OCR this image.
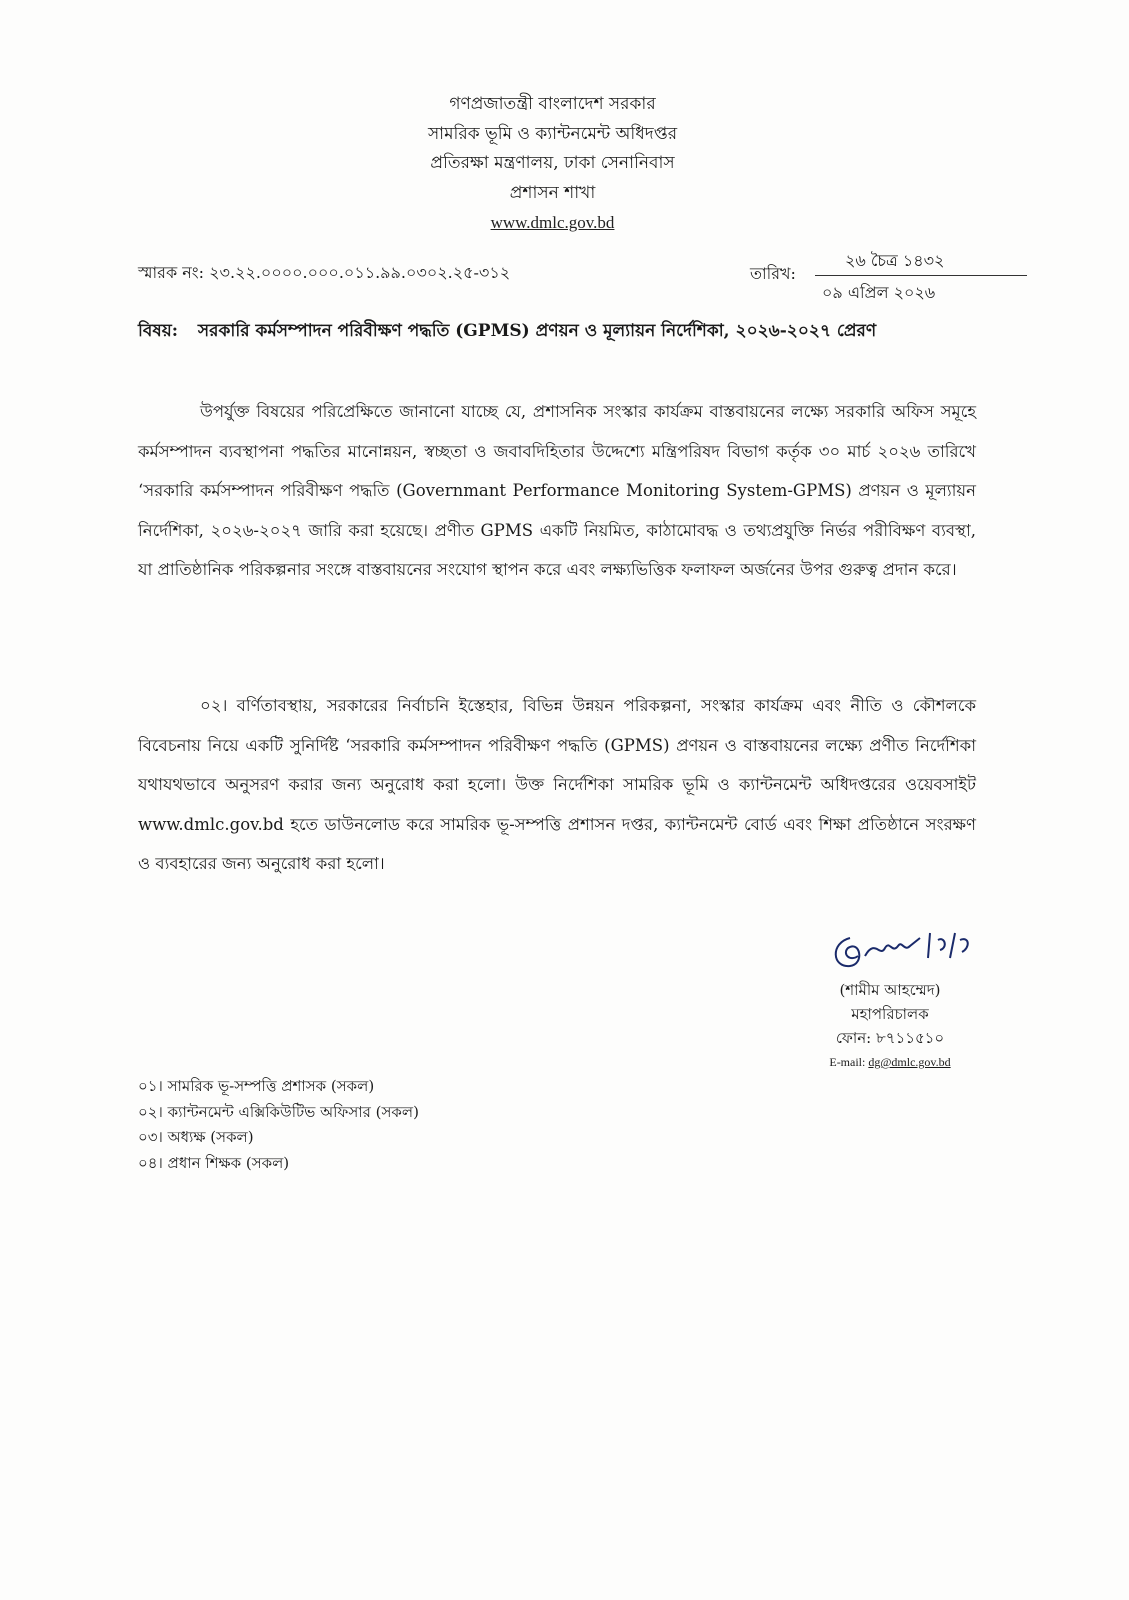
গণপ্রজাতন্ত্রী বাংলাদেশ সরকার
সামরিক ভূমি ও ক্যান্টনমেন্ট অধিদপ্তর
প্রতিরক্ষা মন্ত্রণালয়, ঢাকা সেনানিবাস
প্রশাসন শাখা
www.dmlc.gov.bd
স্মারক নং: ২৩.২২.০০০০.০০০.০১১.৯৯.০৩০২.২৫-৩১২	তারিখ:
২৬ চৈত্র ১৪৩২
০৯ এপ্রিল ২০২৬
বিষয়: সরকারি কর্মসম্পাদন পরিবীক্ষণ পদ্ধতি (GPMS) প্রণয়ন ও মূল্যায়ন নির্দেশিকা, ২০২৬-২০২৭ প্রেরণ

উপর্যুক্ত বিষয়ের পরিপ্রেক্ষিতে জানানো যাচ্ছে যে, প্রশাসনিক সংস্কার কার্যক্রম বাস্তবায়নের লক্ষ্যে সরকারি অফিস সমূহে কর্মসম্পাদন ব্যবস্থাপনা পদ্ধতির মানোন্নয়ন, স্বচ্ছতা ও জবাবদিহিতার উদ্দেশ্যে মন্ত্রিপরিষদ বিভাগ কর্তৃক ৩০ মার্চ ২০২৬ তারিখে ‘সরকারি কর্মসম্পাদন পরিবীক্ষণ পদ্ধতি (Governmant Performance Monitoring System-GPMS) প্রণয়ন ও মূল্যায়ন নির্দেশিকা, ২০২৬-২০২৭ জারি করা হয়েছে। প্রণীত GPMS একটি নিয়মিত, কাঠামোবদ্ধ ও তথ্যপ্রযুক্তি নির্ভর পরীবিক্ষণ ব্যবস্থা, যা প্রাতিষ্ঠানিক পরিকল্পনার সংঙ্গে বাস্তবায়নের সংযোগ স্থাপন করে এবং লক্ষ্যভিত্তিক ফলাফল অর্জনের উপর গুরুত্ব প্রদান করে।

০২। বর্ণিতাবস্থায়, সরকারের নির্বাচনি ইস্তেহার, বিভিন্ন উন্নয়ন পরিকল্পনা, সংস্কার কার্যক্রম এবং নীতি ও কৌশলকে বিবেচনায় নিয়ে একটি সুনির্দিষ্ট ‘সরকারি কর্মসম্পাদন পরিবীক্ষণ পদ্ধতি (GPMS) প্রণয়ন ও বাস্তবায়নের লক্ষ্যে প্রণীত নির্দেশিকা যথাযথভাবে অনুসরণ করার জন্য অনুরোধ করা হলো। উক্ত নির্দেশিকা সামরিক ভূমি ও ক্যান্টনমেন্ট অধিদপ্তরের ওয়েবসাইট www.dmlc.gov.bd হতে ডাউনলোড করে সামরিক ভূ-সম্পত্তি প্রশাসন দপ্তর, ক্যান্টনমেন্ট বোর্ড এবং শিক্ষা প্রতিষ্ঠানে সংরক্ষণ ও ব্যবহারের জন্য অনুরোধ করা হলো।

(শামীম আহম্মেদ)
মহাপরিচালক
ফোন: ৮৭১১৫১০
E-mail: dg@dmlc.gov.bd
০১। সামরিক ভূ-সম্পত্তি প্রশাসক (সকল)
০২। ক্যান্টনমেন্ট এক্সিকিউটিভ অফিসার (সকল)
০৩। অধ্যক্ষ (সকল)
০৪। প্রধান শিক্ষক (সকল)
